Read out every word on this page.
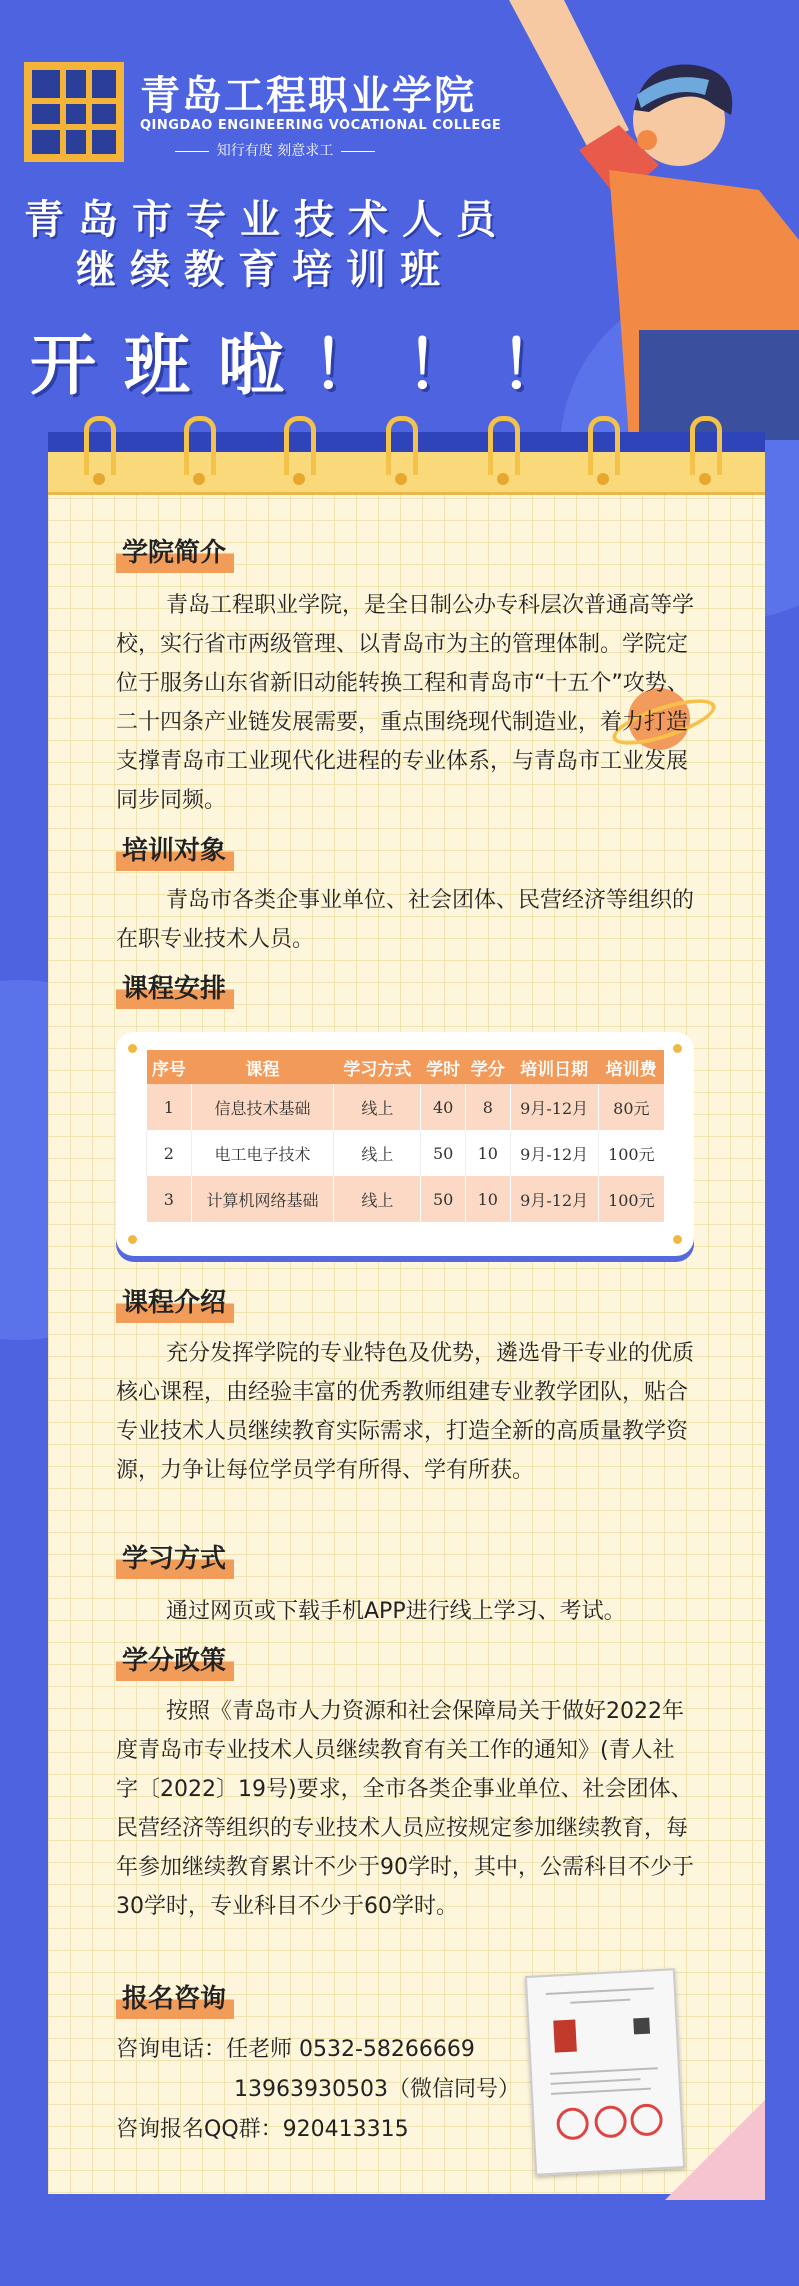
青岛工程职业学院
QINGDAO ENGINEERING VOCATIONAL COLLEGE
知行有度 刻意求工
青岛市专业技术人员
继续教育培训班
开班啦！！！
学院简介
青岛工程职业学院，是全日制公办专科层次普通高等学校，实行省市两级管理、以青岛市为主的管理体制。学院定位于服务山东省新旧动能转换工程和青岛市“十五个”攻势、二十四条产业链发展需要，重点围绕现代制造业，着力打造支撑青岛市工业现代化进程的专业体系，与青岛市工业发展同步同频。
培训对象
青岛市各类企事业单位、社会团体、民营经济等组织的在职专业技术人员。
课程安排
序号	课程	学习方式	学时	学分	培训日期	培训费
1	信息技术基础	线上	40	8	9月-12月	80元
2	电工电子技术	线上	50	10	9月-12月	100元
3	计算机网络基础	线上	50	10	9月-12月	100元
课程介绍
充分发挥学院的专业特色及优势，遴选骨干专业的优质核心课程，由经验丰富的优秀教师组建专业教学团队，贴合专业技术人员继续教育实际需求，打造全新的高质量教学资源，力争让每位学员学有所得、学有所获。
学习方式
通过网页或下载手机APP进行线上学习、考试。
学分政策
按照《青岛市人力资源和社会保障局关于做好2022年度青岛市专业技术人员继续教育有关工作的通知》(青人社字〔2022〕19号)要求，全市各类企事业单位、社会团体、民营经济等组织的专业技术人员应按规定参加继续教育，每年参加继续教育累计不少于90学时，其中，公需科目不少于30学时，专业科目不少于60学时。
报名咨询
咨询电话：任老师 0532-58266669
13963930503（微信同号）
咨询报名QQ群：920413315
